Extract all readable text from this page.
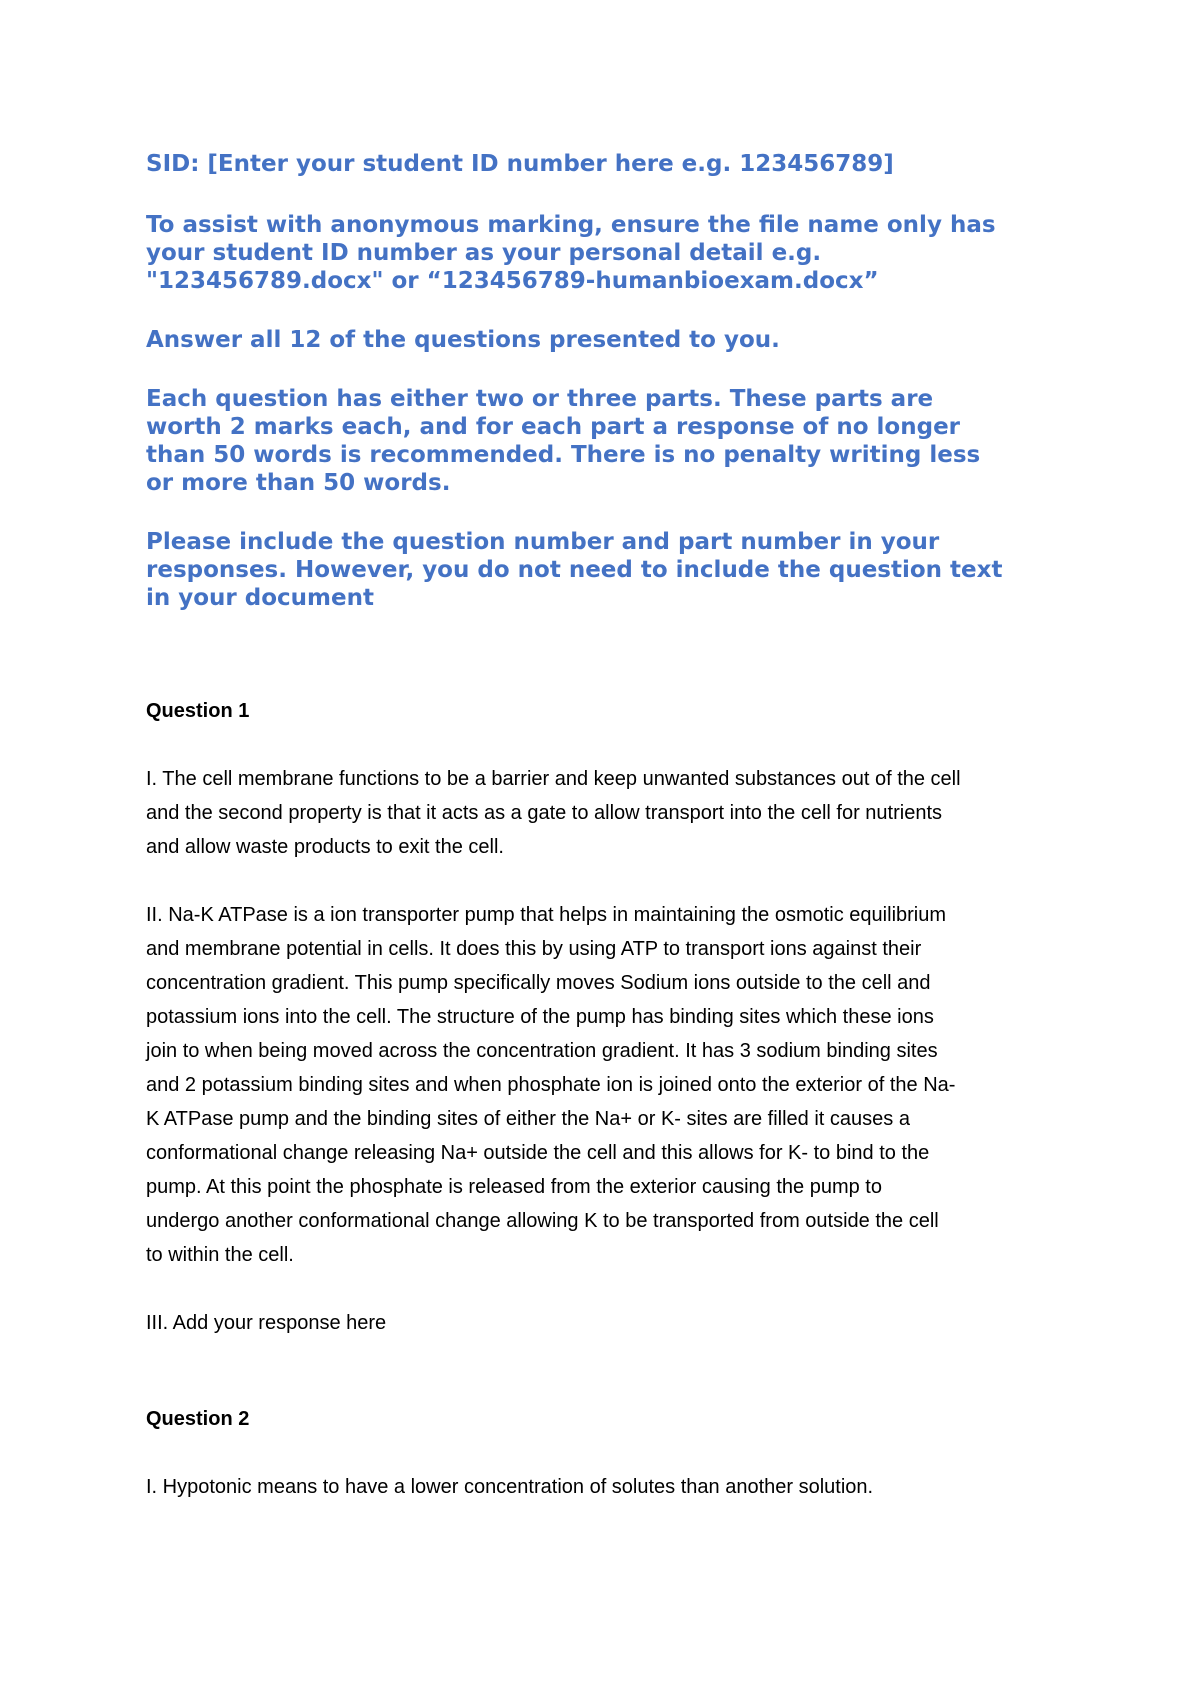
SID: [Enter your student ID number here e.g. 123456789]

To assist with anonymous marking, ensure the file name only has
your student ID number as your personal detail e.g.
"123456789.docx" or “123456789-humanbioexam.docx”

Answer all 12 of the questions presented to you.

Each question has either two or three parts. These parts are
worth 2 marks each, and for each part a response of no longer
than 50 words is recommended. There is no penalty writing less
or more than 50 words.

Please include the question number and part number in your
responses. However, you do not need to include the question text
in your document

Question 1

I. The cell membrane functions to be a barrier and keep unwanted substances out of the cell
and the second property is that it acts as a gate to allow transport into the cell for nutrients
and allow waste products to exit the cell.

II. Na-K ATPase is a ion transporter pump that helps in maintaining the osmotic equilibrium
and membrane potential in cells. It does this by using ATP to transport ions against their
concentration gradient. This pump specifically moves Sodium ions outside to the cell and
potassium ions into the cell. The structure of the pump has binding sites which these ions
join to when being moved across the concentration gradient. It has 3 sodium binding sites
and 2 potassium binding sites and when phosphate ion is joined onto the exterior of the Na-
K ATPase pump and the binding sites of either the Na+ or K- sites are filled it causes a
conformational change releasing Na+ outside the cell and this allows for K- to bind to the
pump. At this point the phosphate is released from the exterior causing the pump to
undergo another conformational change allowing K to be transported from outside the cell
to within the cell.

III. Add your response here

Question 2

I. Hypotonic means to have a lower concentration of solutes than another solution.
